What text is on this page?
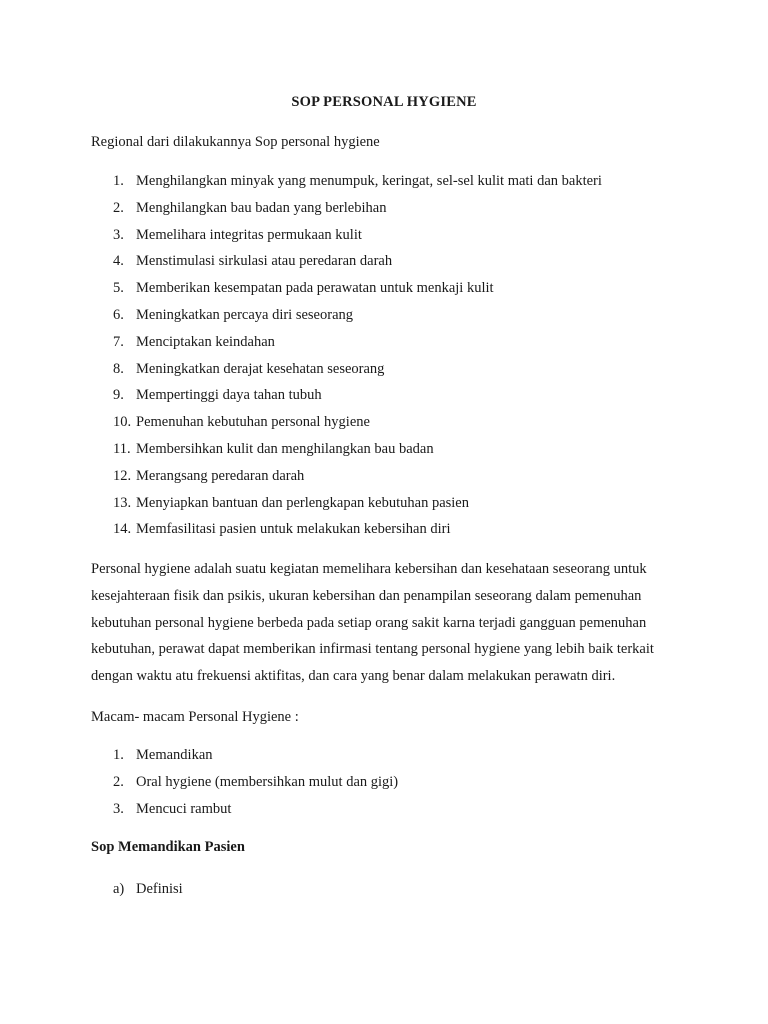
SOP PERSONAL HYGIENE
Regional dari dilakukannya Sop personal hygiene
1. Menghilangkan minyak yang menumpuk, keringat, sel-sel kulit mati dan bakteri
2. Menghilangkan bau badan yang berlebihan
3. Memelihara integritas permukaan kulit
4. Menstimulasi sirkulasi atau peredaran darah
5. Memberikan kesempatan pada perawatan untuk menkaji kulit
6. Meningkatkan percaya diri seseorang
7. Menciptakan keindahan
8. Meningkatkan derajat kesehatan seseorang
9. Mempertinggi daya tahan tubuh
10. Pemenuhan kebutuhan personal hygiene
11. Membersihkan kulit dan menghilangkan bau badan
12. Merangsang peredaran darah
13. Menyiapkan bantuan dan perlengkapan kebutuhan pasien
14. Memfasilitasi pasien untuk melakukan kebersihan diri
Personal hygiene adalah suatu kegiatan memelihara kebersihan dan kesehataan seseorang untuk
kesejahteraan fisik dan psikis, ukuran kebersihan dan penampilan seseorang dalam pemenuhan
kebutuhan personal hygiene berbeda pada setiap orang sakit karna terjadi gangguan pemenuhan
kebutuhan, perawat dapat memberikan infirmasi tentang personal hygiene yang lebih baik terkait
dengan waktu atu frekuensi aktifitas, dan cara yang benar dalam melakukan perawatn diri.
Macam- macam Personal Hygiene :
1. Memandikan
2. Oral hygiene (membersihkan mulut dan gigi)
3. Mencuci rambut
Sop Memandikan Pasien
a) Definisi
